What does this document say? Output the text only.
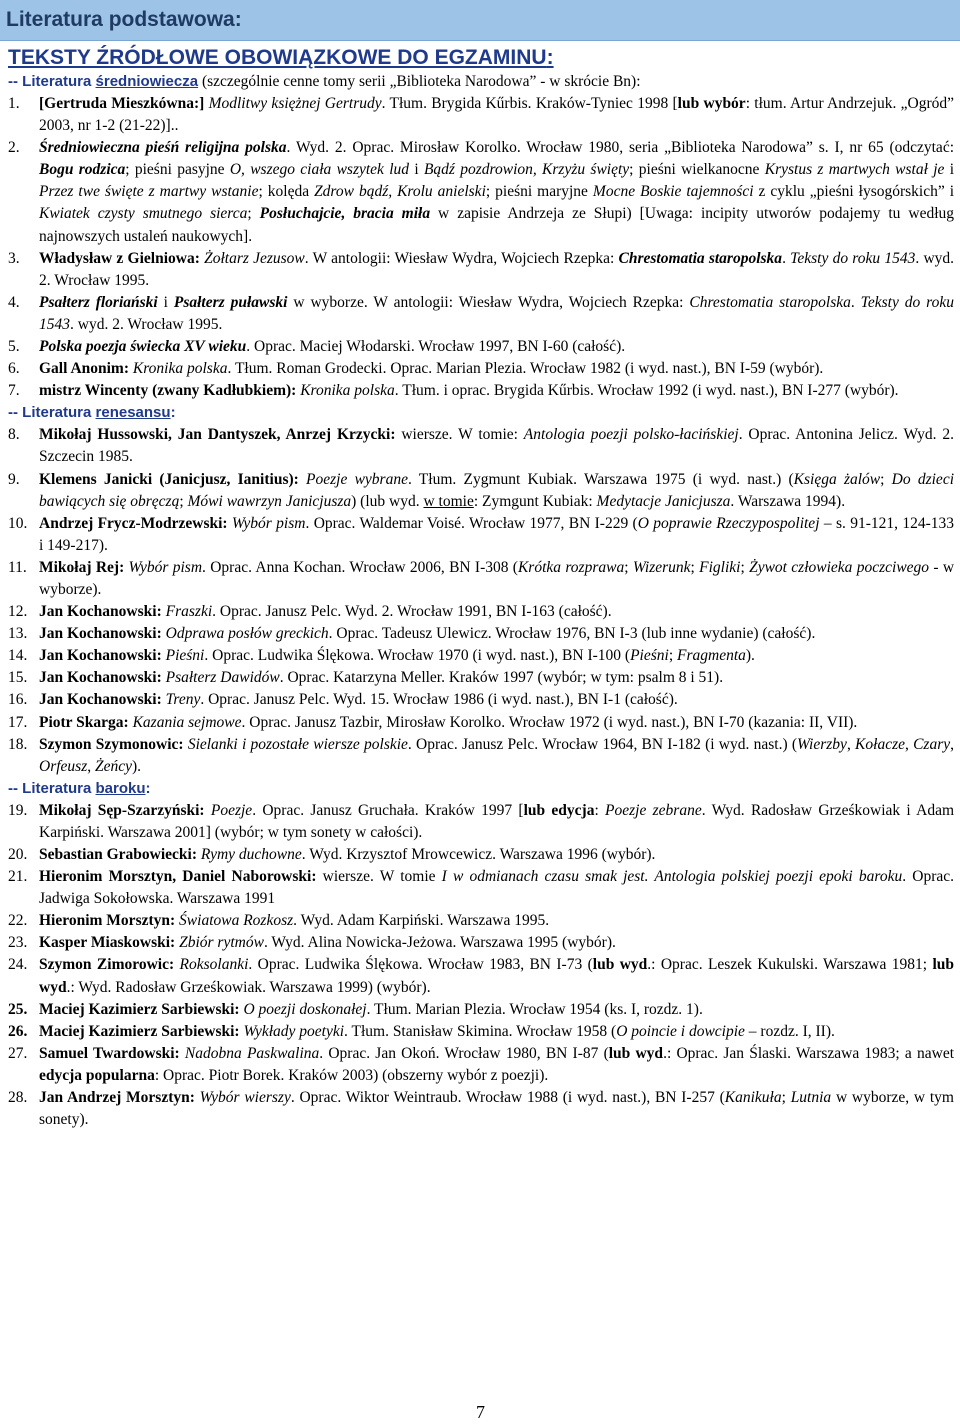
Literatura podstawowa:
TEKSTY ŹRÓDŁOWE OBOWIĄZKOWE DO EGZAMINU:
-- Literatura średniowiecza (szczególnie cenne tomy serii „Biblioteka Narodowa” - w skrócie Bn):
1.	[Gertruda Mieszkówna:] Modlitwy księżnej Gertrudy. Tłum. Brygida Kűrbis. Kraków-Tyniec 1998 [lub wybór: tłum. Artur Andrzejuk. „Ogród” 2003, nr 1-2 (21-22)]..
2.	Średniowieczna pieśń religijna polska. Wyd. 2. Oprac. Mirosław Korolko. Wrocław 1980, seria „Biblioteka Narodowa” s. I, nr 65 (odczytać: Bogu rodzica; pieśni pasyjne O, wszego ciała wszytek lud i Bądź pozdrowion, Krzyżu święty; pieśni wielkanocne Krystus z martwych wstał je i Przez twe święte z martwy wstanie; kolęda Zdrow bądź, Krolu anielski; pieśni maryjne Mocne Boskie tajemności z cyklu „pieśni łysogórskich” i Kwiatek czysty smutnego sierca; Posłuchajcie, bracia miła w zapisie Andrzeja ze Słupi) [Uwaga: incipity utworów podajemy tu według najnowszych ustaleń naukowych].
3.	Władysław z Gielniowa: Żołtarz Jezusow. W antologii: Wiesław Wydra, Wojciech Rzepka: Chrestomatia staropolska. Teksty do roku 1543. wyd. 2. Wrocław 1995.
4.	Psałterz floriański i Psałterz puławski w wyborze. W antologii: Wiesław Wydra, Wojciech Rzepka: Chrestomatia staropolska. Teksty do roku 1543. wyd. 2. Wrocław 1995.
5.	Polska poezja świecka XV wieku. Oprac. Maciej Włodarski. Wrocław 1997, BN I-60 (całość).
6.	Gall Anonim: Kronika polska. Tłum. Roman Grodecki. Oprac. Marian Plezia. Wrocław 1982 (i wyd. nast.), BN I-59 (wybór).
7.	mistrz Wincenty (zwany Kadłubkiem): Kronika polska. Tłum. i oprac. Brygida Kűrbis. Wrocław 1992 (i wyd. nast.), BN I-277 (wybór).
-- Literatura renesansu:
8.	Mikołaj Hussowski, Jan Dantyszek, Anrzej Krzycki: wiersze. W tomie: Antologia poezji polsko-łacińskiej. Oprac. Antonina Jelicz. Wyd. 2. Szczecin 1985.
9.	Klemens Janicki (Janicjusz, Ianitius): Poezje wybrane. Tłum. Zygmunt Kubiak. Warszawa 1975 (i wyd. nast.) (Księga żalów; Do dzieci bawiących się obręczą; Mówi wawrzyn Janicjusza) (lub wyd. w tomie: Zymgunt Kubiak: Medytacje Janicjusza. Warszawa 1994).
10. Andrzej Frycz-Modrzewski: Wybór pism. Oprac. Waldemar Voisé. Wrocław 1977, BN I-229 (O poprawie Rzeczypospolitej – s. 91-121, 124-133 i 149-217).
11. Mikołaj Rej: Wybór pism. Oprac. Anna Kochan. Wrocław 2006, BN I-308 (Krótka rozprawa; Wizerunk; Figliki; Żywot człowieka poczciwego - w wyborze).
12. Jan Kochanowski: Fraszki. Oprac. Janusz Pelc. Wyd. 2. Wrocław 1991, BN I-163 (całość).
13. Jan Kochanowski: Odprawa posłów greckich. Oprac. Tadeusz Ulewicz. Wrocław 1976, BN I-3 (lub inne wydanie) (całość).
14. Jan Kochanowski: Pieśni. Oprac. Ludwika Ślękowa. Wrocław 1970 (i wyd. nast.), BN I-100 (Pieśni; Fragmenta).
15. Jan Kochanowski: Psałterz Dawidów. Oprac. Katarzyna Meller. Kraków 1997 (wybór; w tym: psalm 8 i 51).
16. Jan Kochanowski: Treny. Oprac. Janusz Pelc. Wyd. 15. Wrocław 1986 (i wyd. nast.), BN I-1 (całość).
17. Piotr Skarga: Kazania sejmowe. Oprac. Janusz Tazbir, Mirosław Korolko. Wrocław 1972 (i wyd. nast.), BN I-70 (kazania: II, VII).
18. Szymon Szymonowic: Sielanki i pozostałe wiersze polskie. Oprac. Janusz Pelc. Wrocław 1964, BN I-182 (i wyd. nast.) (Wierzby, Kołacze, Czary, Orfeusz, Żeńcy).
-- Literatura baroku:
19. Mikołaj Sęp-Szarzyński: Poezje. Oprac. Janusz Gruchała. Kraków 1997 [lub edycja: Poezje zebrane. Wyd. Radosław Grześkowiak i Adam Karpiński. Warszawa 2001] (wybór; w tym sonety w całości).
20. Sebastian Grabowiecki: Rymy duchowne. Wyd. Krzysztof Mrowcewicz. Warszawa 1996 (wybór).
21. Hieronim Morsztyn, Daniel Naborowski: wiersze. W tomie I w odmianach czasu smak jest. Antologia polskiej poezji epoki baroku. Oprac. Jadwiga Sokołowska. Warszawa 1991
22. Hieronim Morsztyn: Światowa Rozkosz. Wyd. Adam Karpiński. Warszawa 1995.
23. Kasper Miaskowski: Zbiór rytmów. Wyd. Alina Nowicka-Jeżowa. Warszawa 1995 (wybór).
24. Szymon Zimorowic: Roksolanki. Oprac. Ludwika Ślękowa. Wrocław 1983, BN I-73 (lub wyd.: Oprac. Leszek Kukulski. Warszawa 1981; lub wyd.: Wyd. Radosław Grześkowiak. Warszawa 1999) (wybór).
25. Maciej Kazimierz Sarbiewski: O poezji doskonałej. Tłum. Marian Plezia. Wrocław 1954 (ks. I, rozdz. 1).
26. Maciej Kazimierz Sarbiewski: Wykłady poetyki. Tłum. Stanisław Skimina. Wrocław 1958 (O poincie i dowcipie – rozdz. I, II).
27. Samuel Twardowski: Nadobna Paskwalina. Oprac. Jan Okoń. Wrocław 1980, BN I-87 (lub wyd.: Oprac. Jan Ślaski. Warszawa 1983; a nawet edycja popularna: Oprac. Piotr Borek. Kraków 2003) (obszerny wybór z poezji).
28. Jan Andrzej Morsztyn: Wybór wierszy. Oprac. Wiktor Weintraub. Wrocław 1988 (i wyd. nast.), BN I-257 (Kanikuła; Lutnia w wyborze, w tym sonety).
7
